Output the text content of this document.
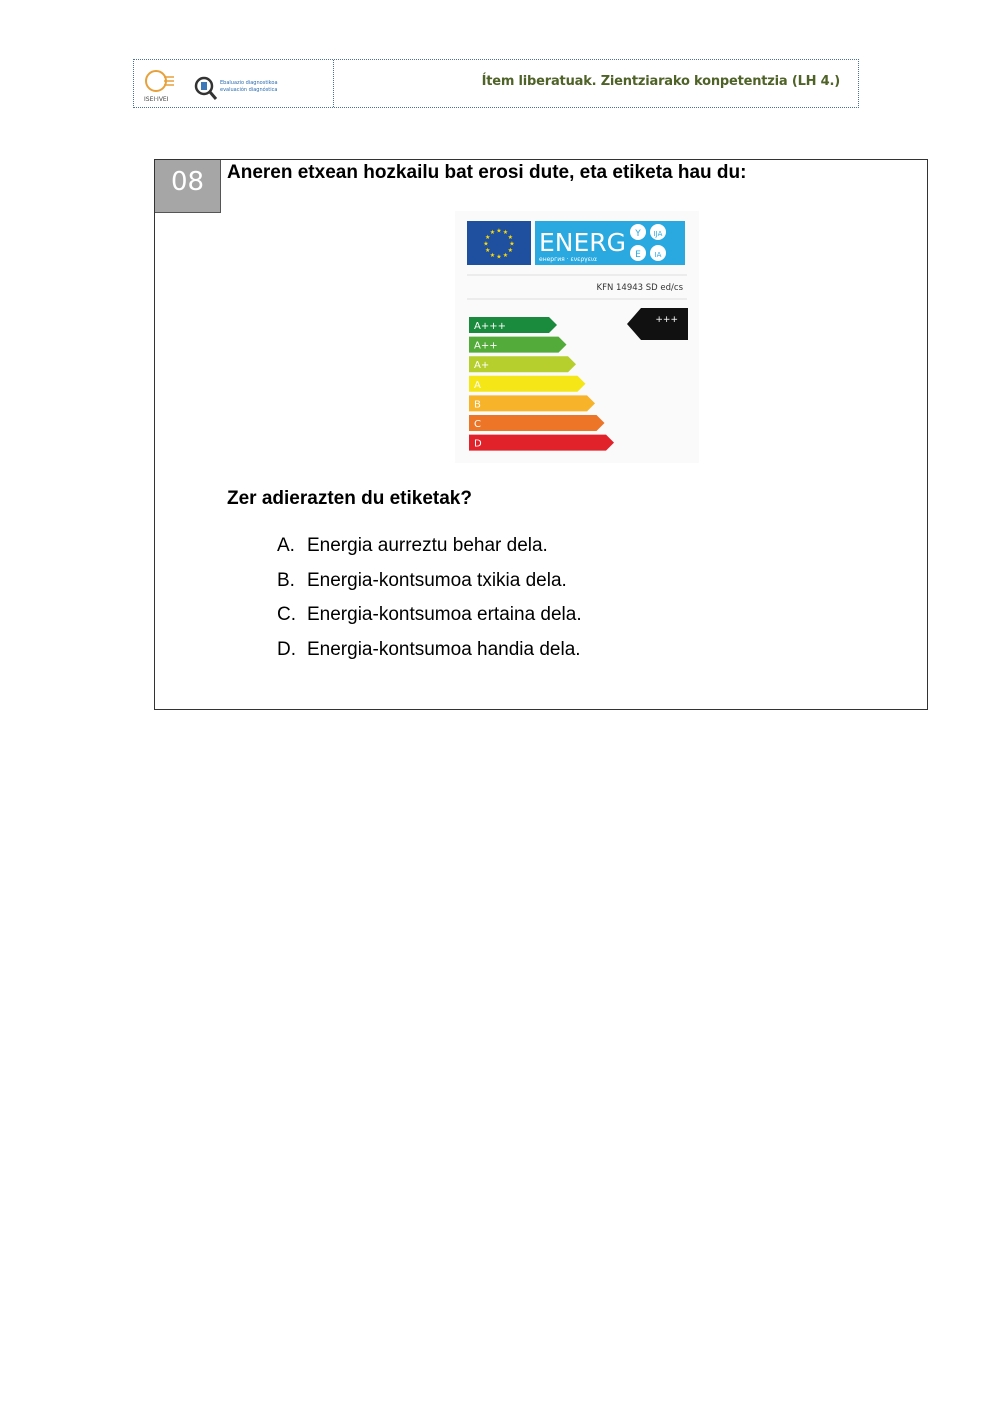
ISEI·IVEI
Ebaluazio diagnostikoa
evaluación diagnóstica
Ítem liberatuak. Zientziarako konpetentzia (LH 4.)
08	Aneren etxean hozkailu bat erosi dute, eta etiketa hau du:
★
★
★
★
★
★
★
★
★ ★ ★
★ ENERG
енергия · ενεργεια
Y IJA
E IA
KFN 14943 SD ed/cs
A+++
A++
A+
A
B
C
D
+++
Zer adierazten du etiketak?
A. Energia aurreztu behar dela.
B. Energia-kontsumoa txikia dela.
C. Energia-kontsumoa ertaina dela.
D. Energia-kontsumoa handia dela.
